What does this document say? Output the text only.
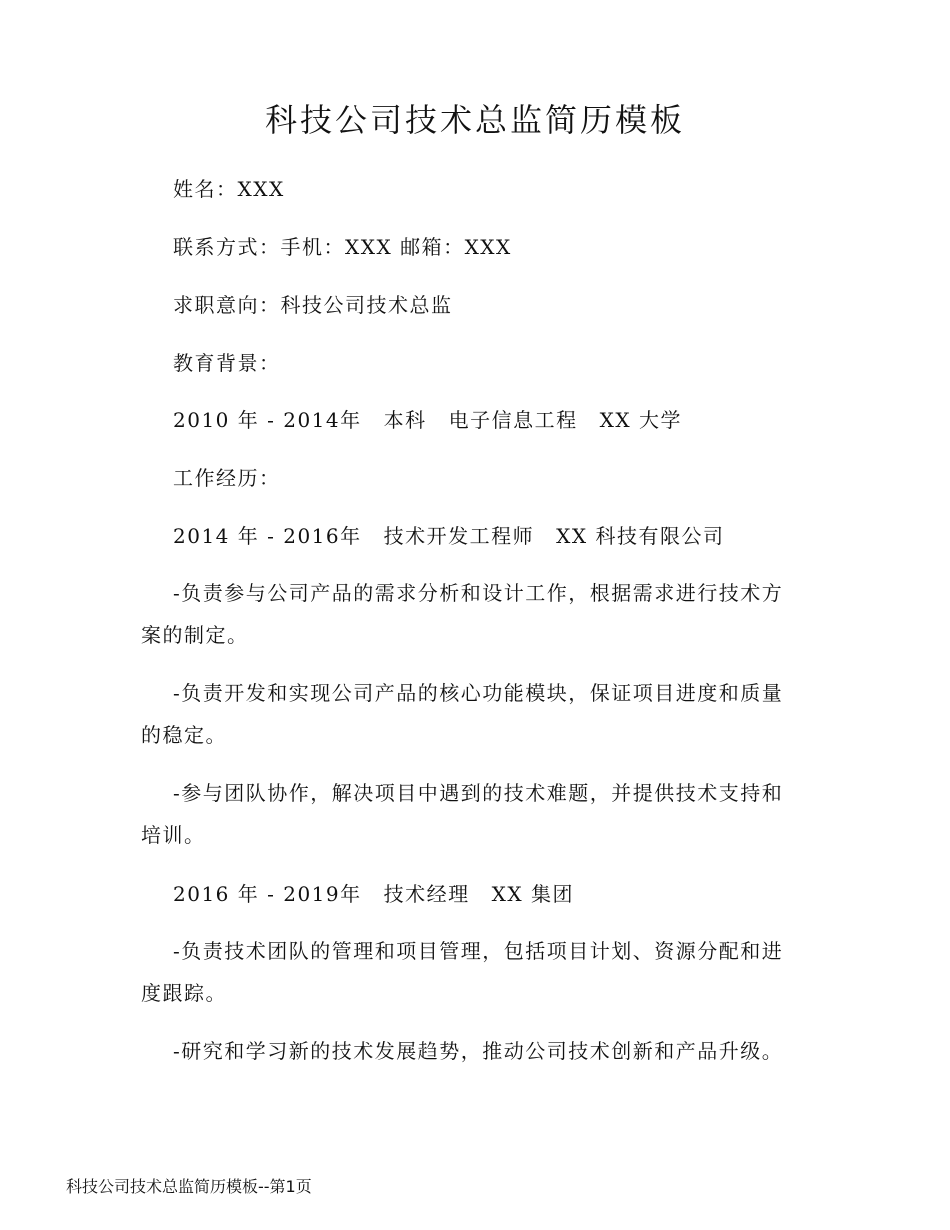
科技公司技术总监简历模板
姓名：XXX
联系方式：手机：XXX 邮箱：XXX
求职意向：科技公司技术总监
教育背景：
2010 年 - 2014年 本科 电子信息工程 XX 大学
工作经历：
2014 年 - 2016年 技术开发工程师 XX 科技有限公司
-负责参与公司产品的需求分析和设计工作，根据需求进行技术方案的制定。
-负责开发和实现公司产品的核心功能模块，保证项目进度和质量的稳定。
-参与团队协作，解决项目中遇到的技术难题，并提供技术支持和培训。
2016 年 - 2019年 技术经理 XX 集团
-负责技术团队的管理和项目管理，包括项目计划、资源分配和进度跟踪。
-研究和学习新的技术发展趋势，推动公司技术创新和产品升级。
科技公司技术总监简历模板--第1页
